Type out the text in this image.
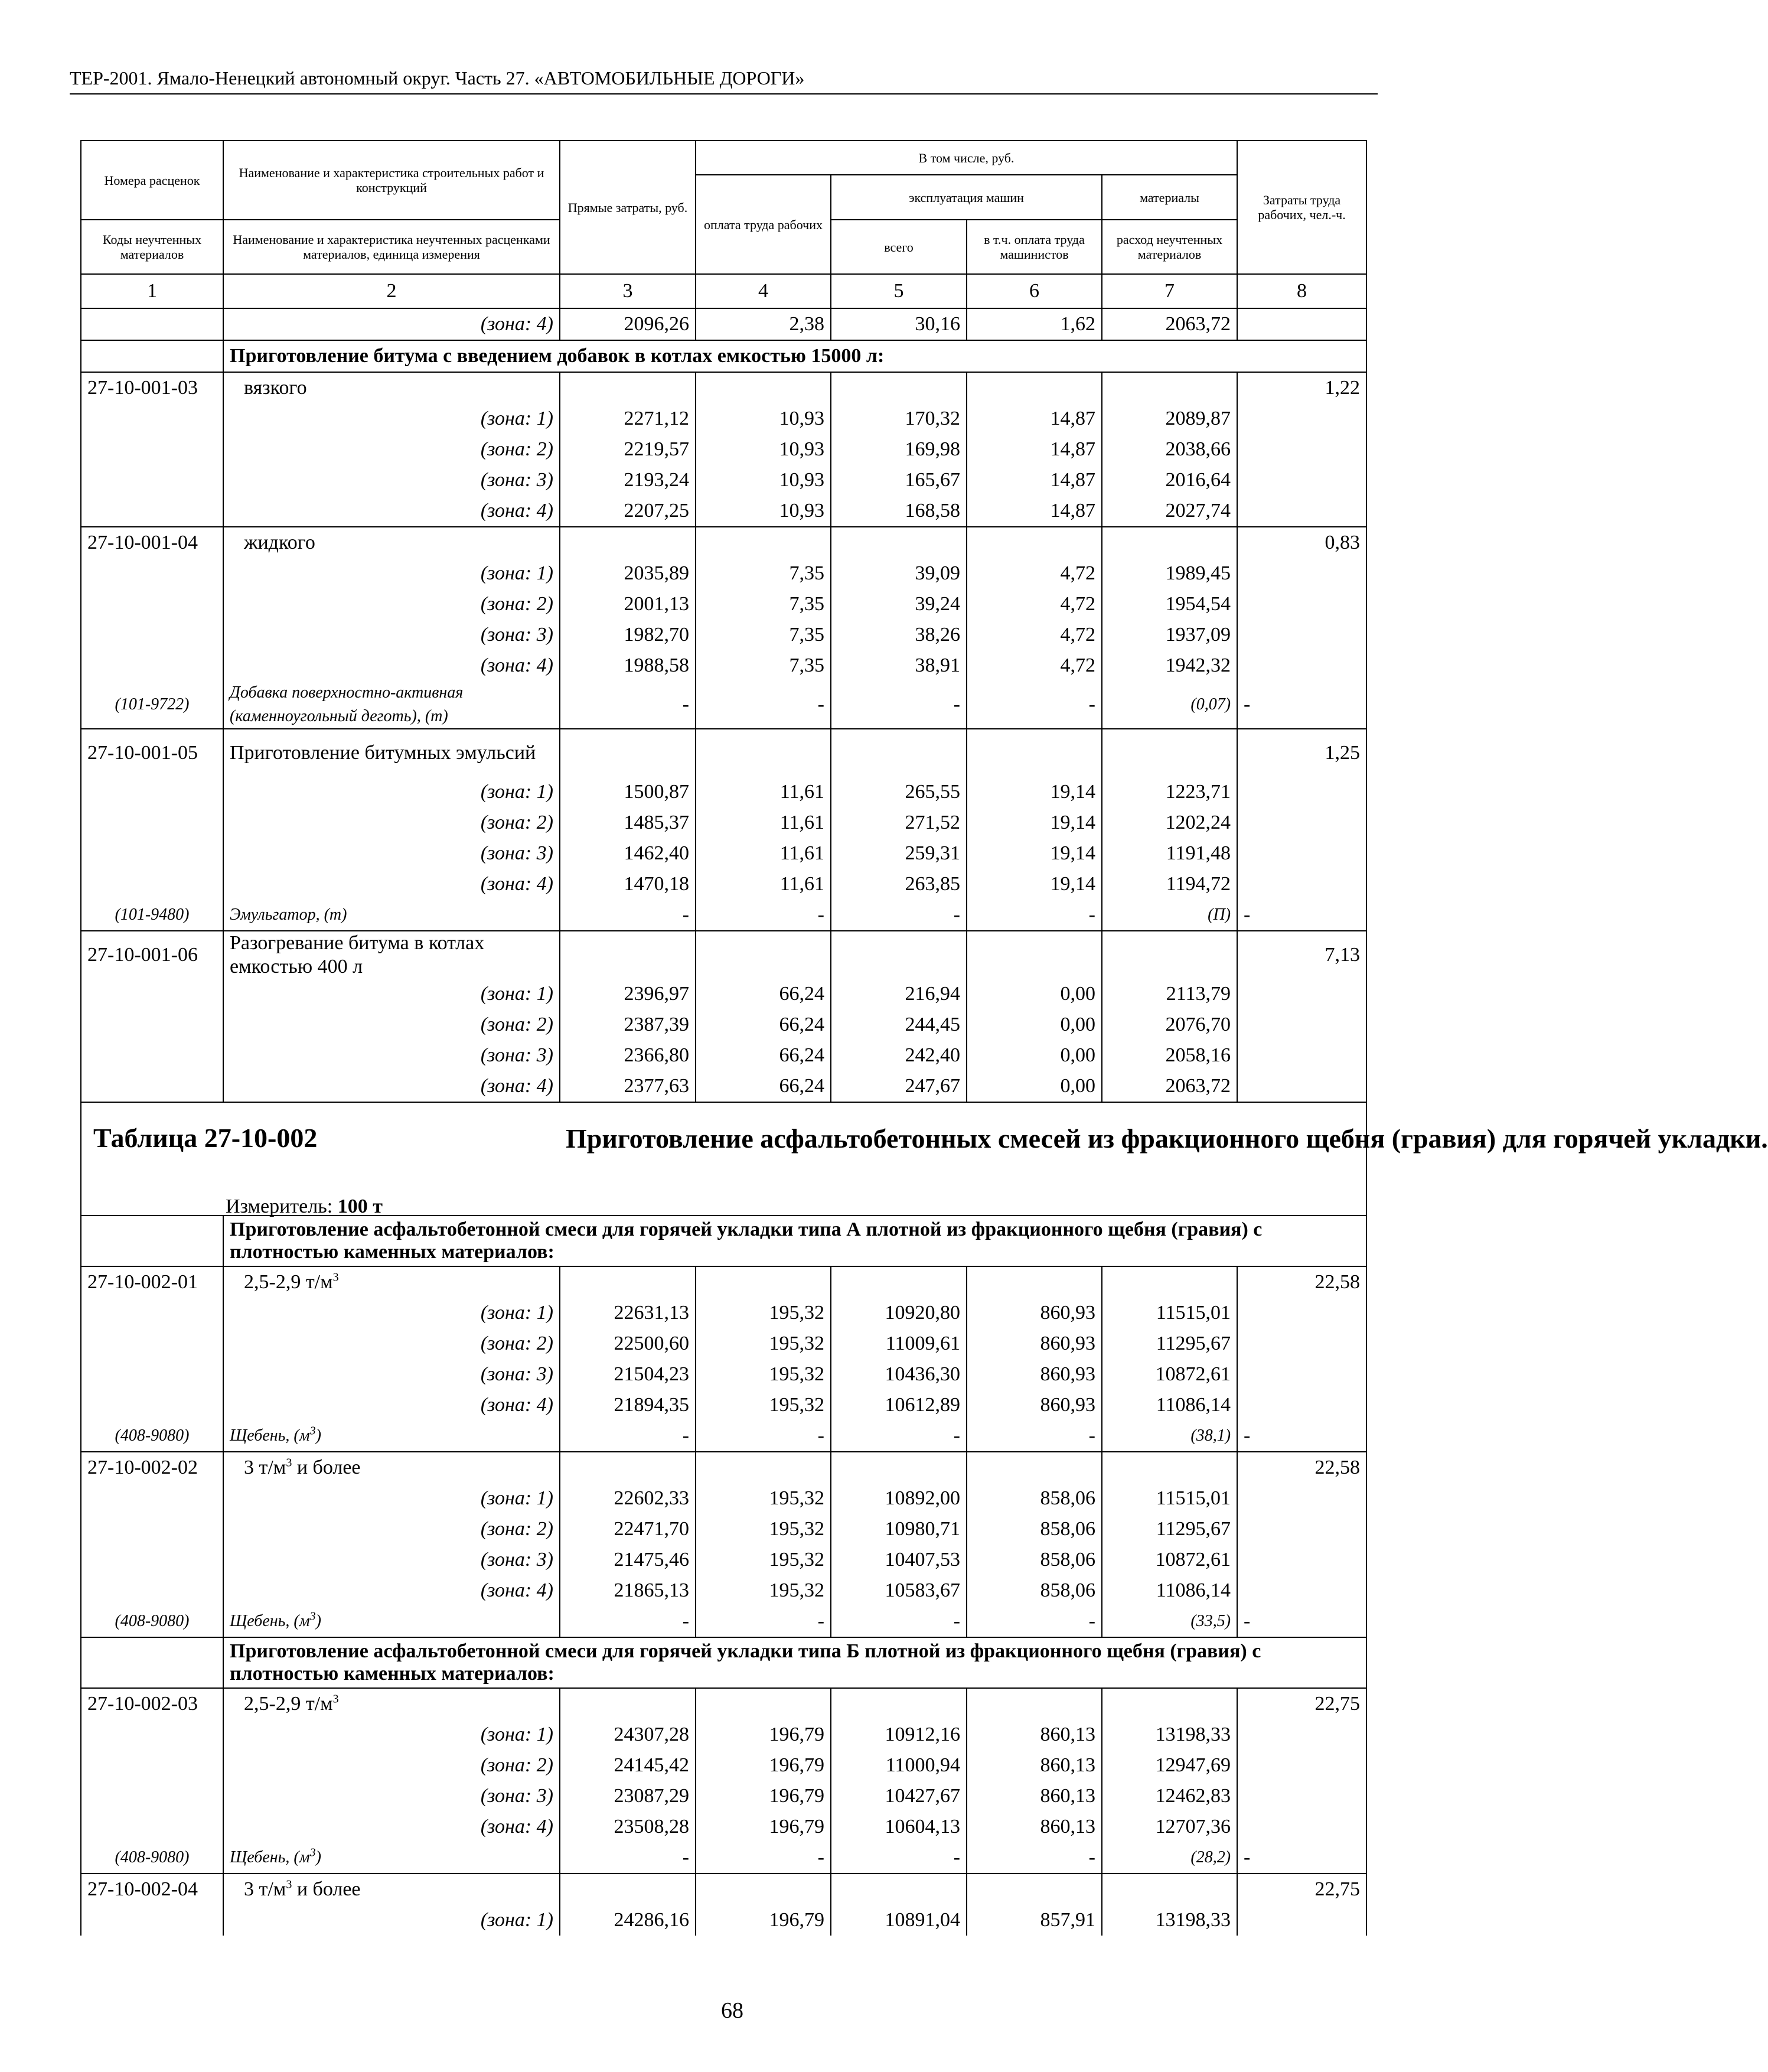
ТЕР-2001. Ямало-Ненецкий автономный округ. Часть 27. «АВТОМОБИЛЬНЫЕ ДОРОГИ»
Номера расценок	Наименование и характеристика строительных работ и конструкций	Прямые затраты, руб.	В том числе, руб.				Затраты труда рабочих, чел.-ч.
			оплата труда рабочих	эксплуатация машин		материалы	
Коды неучтенных материалов	Наименование и характеристика неучтенных расценками материалов, единица измерения			всего	в т.ч. оплата труда машинистов	расход неучтенных материалов	

1	2	3	4	5	6	7	8
	(зона: 4)	2096,26	2,38	30,16	1,62	2063,72	
	Приготовление битума с введением добавок в котлах емкостью 15000 л:						
27-10-001-03	вязкого						1,22
	(зона: 1)	2271,12	10,93	170,32	14,87	2089,87	
	(зона: 2)	2219,57	10,93	169,98	14,87	2038,66	
	(зона: 3)	2193,24	10,93	165,67	14,87	2016,64	
	(зона: 4)	2207,25	10,93	168,58	14,87	2027,74	
27-10-001-04	жидкого						0,83
	(зона: 1)	2035,89	7,35	39,09	4,72	1989,45	
	(зона: 2)	2001,13	7,35	39,24	4,72	1954,54	
	(зона: 3)	1982,70	7,35	38,26	4,72	1937,09	
	(зона: 4)	1988,58	7,35	38,91	4,72	1942,32	
(101-9722)	Добавка поверхностно-активная (каменноугольный деготь), (т)	-	-	-	-	(0,07)	-
27-10-001-05	Приготовление битумных эмульсий						1,25
	(зона: 1)	1500,87	11,61	265,55	19,14	1223,71	
	(зона: 2)	1485,37	11,61	271,52	19,14	1202,24	
	(зона: 3)	1462,40	11,61	259,31	19,14	1191,48	
	(зона: 4)	1470,18	11,61	263,85	19,14	1194,72	
(101-9480)	Эмульгатор, (т)	-	-	-	-	(П)	-
27-10-001-06	Разогревание битума в котлах емкостью 400 л						7,13
	(зона: 1)	2396,97	66,24	216,94	0,00	2113,79	
	(зона: 2)	2387,39	66,24	244,45	0,00	2076,70	
	(зона: 3)	2366,80	66,24	242,40	0,00	2058,16	
	(зона: 4)	2377,63	66,24	247,67	0,00	2063,72	

Таблица 27-10-002 Приготовление асфальтобетонных смесей из фракционного щебня (гравия) для горячей укладки.
Измеритель: 100 т							

	Приготовление асфальтобетонной смеси для горячей укладки типа А плотной из фракционного щебня (гравия) с плотностью каменных материалов:						
27-10-002-01	2,5-2,9 $т/м^3$						22,58
	(зона: 1)	22631,13	195,32	10920,80	860,93	11515,01	
	(зона: 2)	22500,60	195,32	11009,61	860,93	11295,67	
	(зона: 3)	21504,23	195,32	10436,30	860,93	10872,61	
	(зона: 4)	21894,35	195,32	10612,89	860,93	11086,14	
(408-9080)	Щебень, $(м^3)$	-	-	-	-	(38,1)	-
27-10-002-02	3 $т/м^3$ и более						22,58
	(зона: 1)	22602,33	195,32	10892,00	858,06	11515,01	
	(зона: 2)	22471,70	195,32	10980,71	858,06	11295,67	
	(зона: 3)	21475,46	195,32	10407,53	858,06	10872,61	
	(зона: 4)	21865,13	195,32	10583,67	858,06	11086,14	
(408-9080)	Щебень, $(м^3)$	-	-	-	-	(33,5)	-
	Приготовление асфальтобетонной смеси для горячей укладки типа Б плотной из фракционного щебня (гравия) с плотностью каменных материалов:						
27-10-002-03	2,5-2,9 $т/м^3$						22,75
	(зона: 1)	24307,28	196,79	10912,16	860,13	13198,33	
	(зона: 2)	24145,42	196,79	11000,94	860,13	12947,69	
	(зона: 3)	23087,29	196,79	10427,67	860,13	12462,83	
	(зона: 4)	23508,28	196,79	10604,13	860,13	12707,36	
(408-9080)	Щебень, $(м^3)$	-	-	-	-	(28,2)	-
27-10-002-04	3 $т/м^3$ и более						22,75
	(зона: 1)	24286,16	196,79	10891,04	857,91	13198,33	
68
